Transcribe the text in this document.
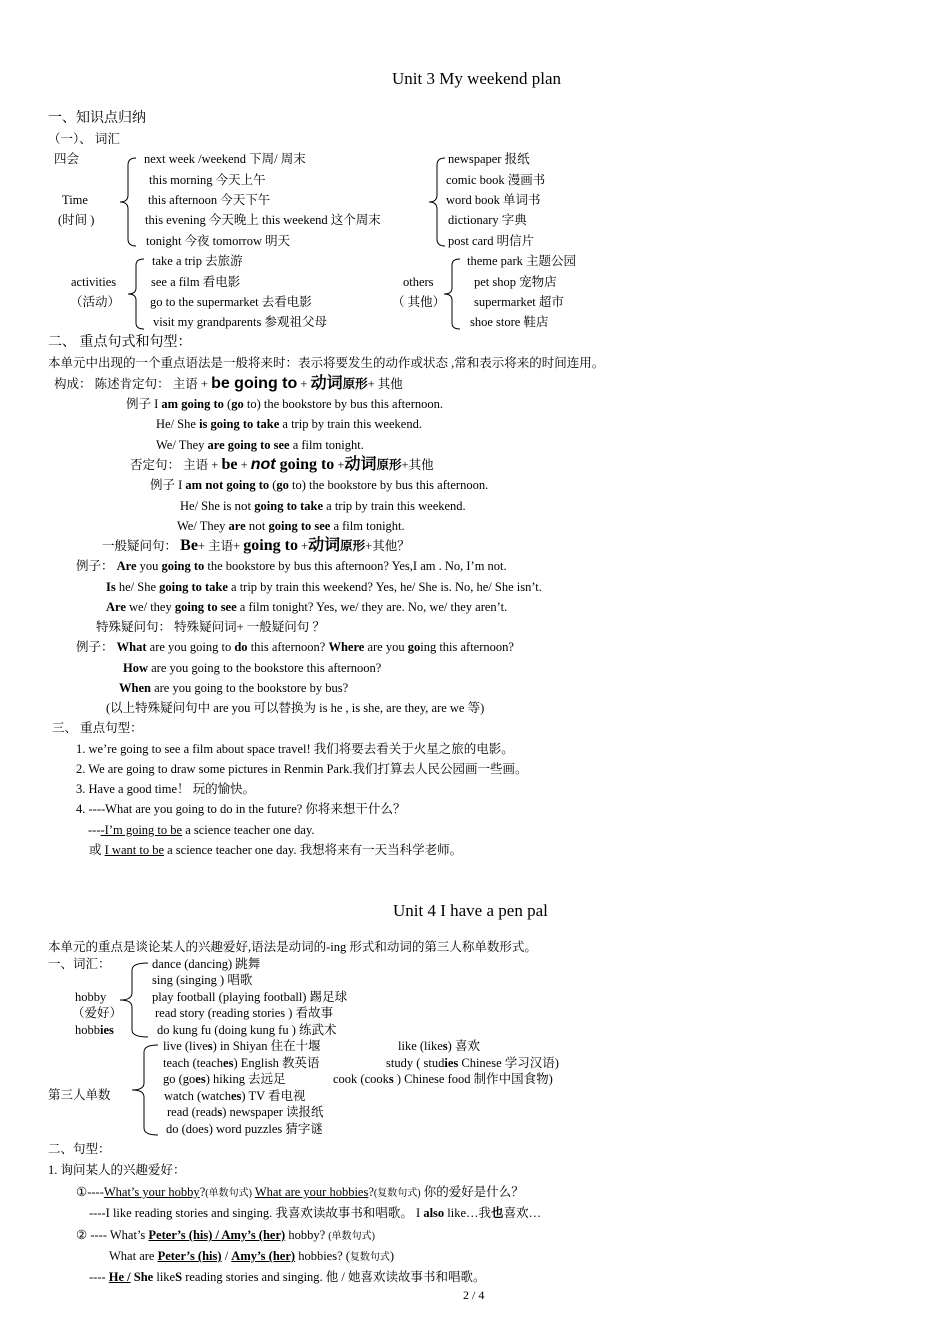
Unit 3 My weekend plan
一、知识点归纳
（一）、 词汇
四会
Time
(时间 )
next week /weekend 下周/ 周末
this morning 今天上午
this afternoon 今天下午
this evening 今天晚上 this weekend 这个周末
tonight 今夜 tomorrow 明天
newspaper 报纸
comic book 漫画书
word book 单词书
dictionary 字典
post card 明信片
activities
（活动）
take a trip 去旅游
see a film 看电影
go to the supermarket 去看电影
visit my grandparents 参观祖父母
others
（ 其他）
theme park 主题公园
pet shop 宠物店
supermarket 超市
shoe store 鞋店
二、 重点句式和句型：
本单元中出现的一个重点语法是一般将来时：表示将要发生的动作或状态 ,常和表示将来的时间连用。
构成： 陈述肯定句： 主语 + be going to + 动词原形+ 其他
例子 I am going to (go to) the bookstore by bus this afternoon.
He/ She is going to take a trip by train this weekend.
We/ They are going to see a film tonight.
否定句： 主语 + be + not going to +动词原形+其他
例子 I am not going to (go to) the bookstore by bus this afternoon.
He/ She is not going to take a trip by train this weekend.
We/ They are not going to see a film tonight.
一般疑问句： Be+ 主语+ going to +动词原形+其他？
例子： Are you going to the bookstore by bus this afternoon? Yes,I am . No, I’m not.
Is he/ She going to take a trip by train this weekend? Yes, he/ She is. No, he/ She isn’t.
Are we/ they going to see a film tonight? Yes, we/ they are. No, we/ they aren’t.
特殊疑问句： 特殊疑问词+ 一般疑问句 ？
例子： What are you going to do this afternoon? Where are you going this afternoon?
How are you going to the bookstore this afternoon?
When are you going to the bookstore by bus?
(以上特殊疑问句中 are you 可以替换为 is he , is she, are they, are we 等)
三、 重点句型：
1. we’re going to see a film about space travel! 我们将要去看关于火星之旅的电影。
2. We are going to draw some pictures in Renmin Park.我们打算去人民公园画一些画。
3. Have a good time！ 玩的愉快。
4. ----What are you going to do in the future? 你将来想干什么？
----I’m going to be a science teacher one day.
或 I want to be a science teacher one day. 我想将来有一天当科学老师。
Unit 4 I have a pen pal
本单元的重点是谈论某人的兴趣爱好,语法是动词的-ing 形式和动词的第三人称单数形式。
一、词汇：
hobby
（爱好）
hobbies
dance (dancing) 跳舞
sing (singing ) 唱歌
play football (playing football) 踢足球
read story (reading stories ) 看故事
do kung fu (doing kung fu ) 练武术
第三人单数
live (lives) in Shiyan 住在十堰	like (likes) 喜欢
teach (teaches) English 教英语	study ( studies Chinese 学习汉语)
go (goes) hiking 去远足	cook (cooks ) Chinese food 制作中国食物)
watch (watches) TV 看电视
read (reads) newspaper 读报纸
do (does) word puzzles 猜字谜
二、句型：
1. 询问某人的兴趣爱好：
①----What’s your hobby?(单数句式) What are your hobbies?(复数句式) 你的爱好是什么？
----I like reading stories and singing. 我喜欢读故事书和唱歌。 I also like…我也喜欢…
② ---- What’s Peter’s (his) / Amy’s (her) hobby? (单数句式)
What are Peter’s (his) / Amy’s (her) hobbies? (复数句式)
---- He / She likeS reading stories and singing. 他 / 她喜欢读故事书和唱歌。
2 / 4
